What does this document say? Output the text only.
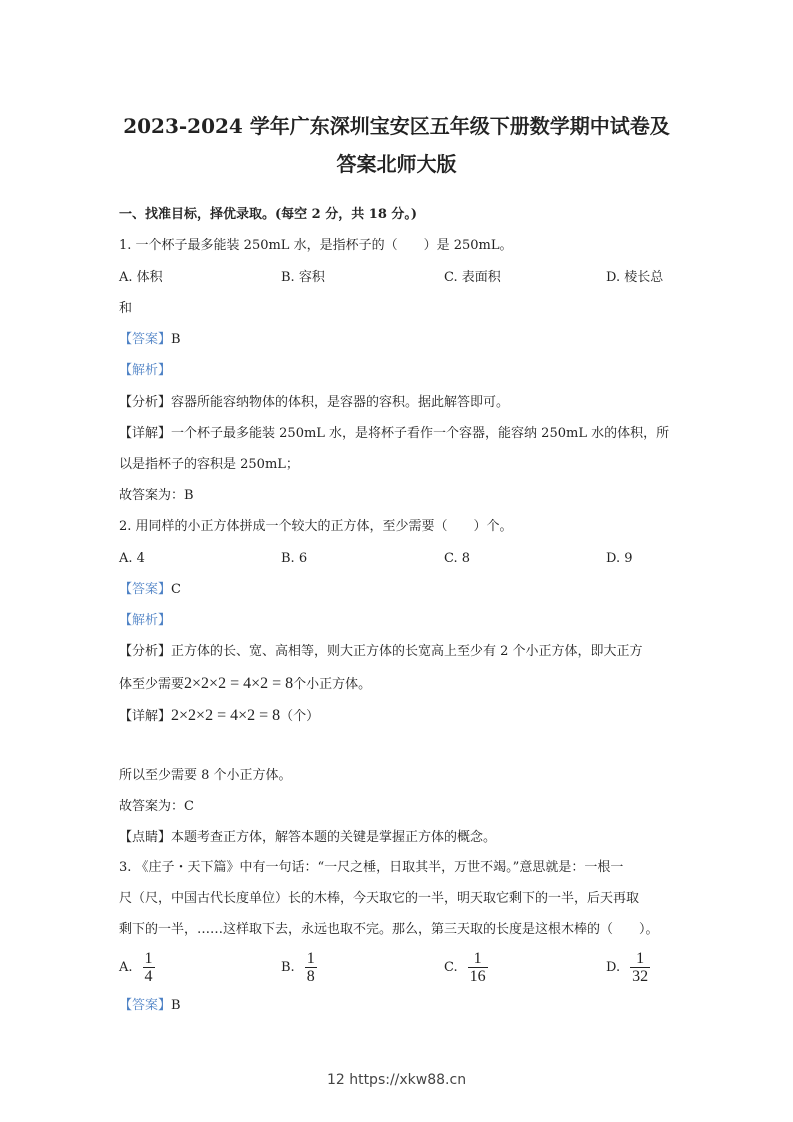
2023-2024 学年广东深圳宝安区五年级下册数学期中试卷及
答案北师大版
一、找准目标，择优录取。(每空 2 分，共 18 分。)
1. 一个杯子最多能装 250mL 水，是指杯子的（　　）是 250mL。
A. 体积	B. 容积	C. 表面积	D. 棱长总
和
【答案】B
【解析】
【分析】容器所能容纳物体的体积，是容器的容积。据此解答即可。
【详解】一个杯子最多能装 250mL 水，是将杯子看作一个容器，能容纳 250mL 水的体积，所
以是指杯子的容积是 250mL；
故答案为：B
2. 用同样的小正方体拼成一个较大的正方体，至少需要（　　）个。
A. 4	B. 6	C. 8	D. 9
【答案】C
【解析】
【分析】正方体的长、宽、高相等，则大正方体的长宽高上至少有 2 个小正方体，即大正方
体至少需要2×2×2 = 4×2 = 8个小正方体。
【详解】2×2×2 = 4×2 = 8（个）
所以至少需要 8 个小正方体。
故答案为：C
【点睛】本题考查正方体，解答本题的关键是掌握正方体的概念。
3. 《庄子・天下篇》中有一句话：“一尺之棰，日取其半，万世不竭。”意思就是：一根一
尺（尺，中国古代长度单位）长的木棒，今天取它的一半，明天取它剩下的一半，后天再取
剩下的一半，……这样取下去，永远也取不完。那么，第三天取的长度是这根木棒的（　　）。
A. $\frac{1}{4}$	B. $\frac{1}{8}$	C. $\frac{1}{16}$	D. $\frac{1}{32}$
【答案】B
12 https://xkw88.cn
